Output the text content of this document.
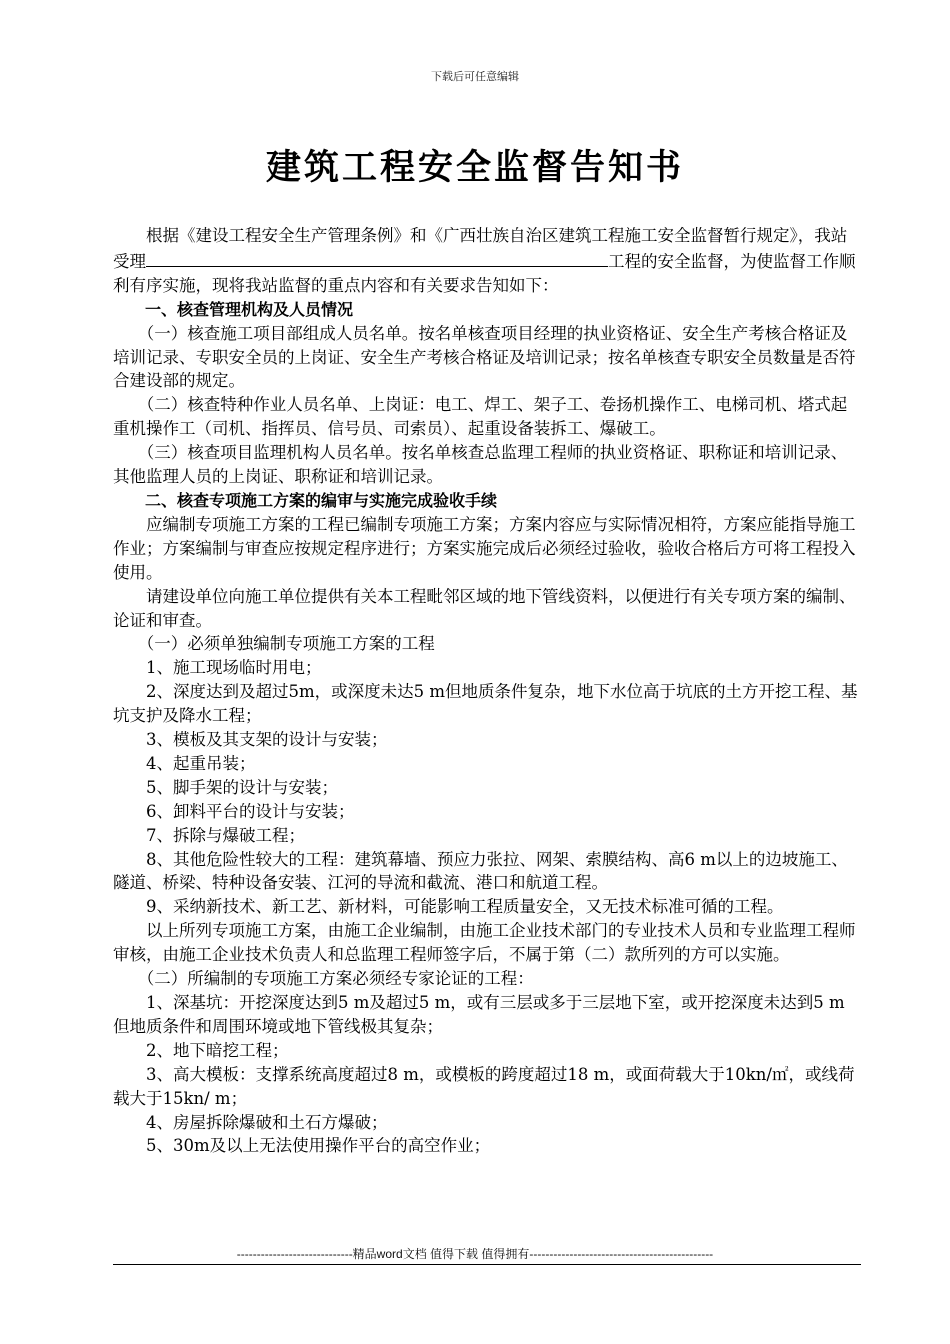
下载后可任意编辑
建筑工程安全监督告知书

根据《建设工程安全生产管理条例》和《广西壮族自治区建筑工程施工安全监督暂行规定》，我站受理	工程的安全监督，为使监督工作顺利有序实施，现将我站监督的重点内容和有关要求告知如下：

一、核查管理机构及人员情况

（一）核查施工项目部组成人员名单。按名单核查项目经理的执业资格证、安全生产考核合格证及培训记录、专职安全员的上岗证、安全生产考核合格证及培训记录；按名单核查专职安全员数量是否符合建设部的规定。

（二）核查特种作业人员名单、上岗证：电工、焊工、架子工、卷扬机操作工、电梯司机、塔式起重机操作工（司机、指挥员、信号员、司索员）、起重设备装拆工、爆破工。

（三）核查项目监理机构人员名单。按名单核查总监理工程师的执业资格证、职称证和培训记录、其他监理人员的上岗证、职称证和培训记录。

二、核查专项施工方案的编审与实施完成验收手续

应编制专项施工方案的工程已编制专项施工方案；方案内容应与实际情况相符，方案应能指导施工作业；方案编制与审查应按规定程序进行；方案实施完成后必须经过验收，验收合格后方可将工程投入使用。

请建设单位向施工单位提供有关本工程毗邻区域的地下管线资料，以便进行有关专项方案的编制、论证和审查。

（一）必须单独编制专项施工方案的工程

1、施工现场临时用电；

2、深度达到及超过5m，或深度未达5 m但地质条件复杂，地下水位高于坑底的土方开挖工程、基坑支护及降水工程；

3、模板及其支架的设计与安装；

4、起重吊装；

5、脚手架的设计与安装；

6、卸料平台的设计与安装；

7、拆除与爆破工程；

8、其他危险性较大的工程：建筑幕墙、预应力张拉、网架、索膜结构、高6 m以上的边坡施工、隧道、桥梁、特种设备安装、江河的导流和截流、港口和航道工程。

9、采纳新技术、新工艺、新材料，可能影响工程质量安全，又无技术标准可循的工程。

以上所列专项施工方案，由施工企业编制，由施工企业技术部门的专业技术人员和专业监理工程师审核，由施工企业技术负责人和总监理工程师签字后，不属于第（二）款所列的方可以实施。

（二）所编制的专项施工方案必须经专家论证的工程：

1、深基坑：开挖深度达到5 m及超过5 m，或有三层或多于三层地下室，或开挖深度未达到5 m但地质条件和周围环境或地下管线极其复杂；

2、地下暗挖工程；

3、高大模板：支撑系统高度超过8 m，或模板的跨度超过18 m，或面荷载大于10kn/㎡，或线荷载大于15kn/ m；

4、房屋拆除爆破和土石方爆破；

5、30m及以上无法使用操作平台的高空作业；

-----------------------------精品word文档 值得下载 值得拥有----------------------------------------------
